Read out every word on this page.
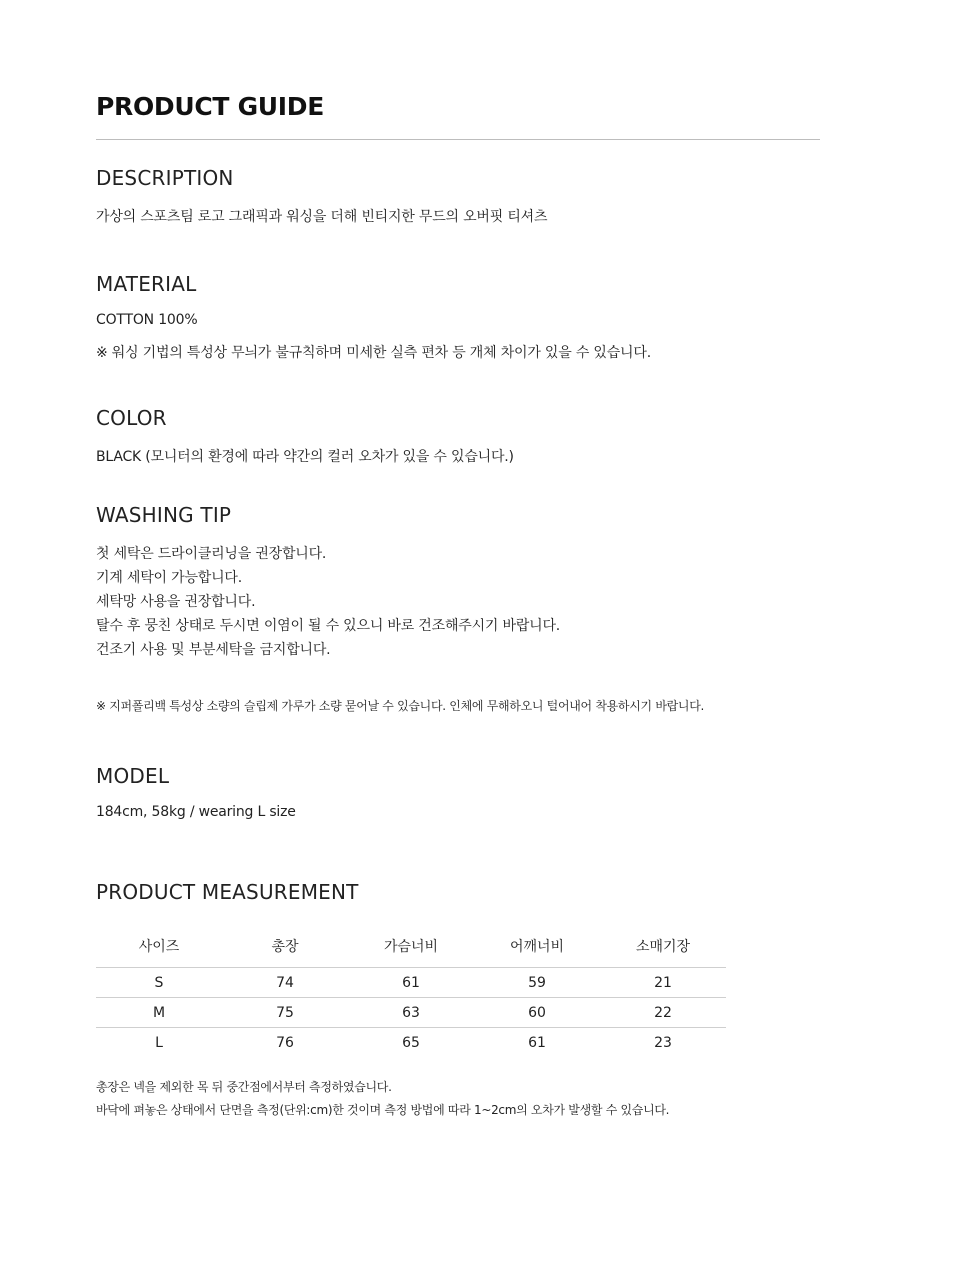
PRODUCT GUIDE
DESCRIPTION

가상의 스포츠팀 로고 그래픽과 워싱을 더해 빈티지한 무드의 오버핏 티셔츠

MATERIAL

COTTON 100%

※ 워싱 기법의 특성상 무늬가 불규칙하며 미세한 실측 편차 등 개체 차이가 있을 수 있습니다.

COLOR

BLACK (모니터의 환경에 따라 약간의 컬러 오차가 있을 수 있습니다.)

WASHING TIP
첫 세탁은 드라이클리닝을 권장합니다.
기계 세탁이 가능합니다.
세탁망 사용을 권장합니다.
탈수 후 뭉친 상태로 두시면 이염이 될 수 있으니 바로 건조해주시기 바랍니다.
건조기 사용 및 부분세탁을 금지합니다.

※ 지퍼폴리백 특성상 소량의 슬립제 가루가 소량 묻어날 수 있습니다. 인체에 무해하오니 털어내어 착용하시기 바랍니다.

MODEL

184cm, 58kg / wearing L size

PRODUCT MEASUREMENT
사이즈	총장	가슴너비	어깨너비	소매기장
S	74	61	59	21
M	75	63	60	22
L	76	65	61	23

총장은 넥을 제외한 목 뒤 중간점에서부터 측정하였습니다.

바닥에 펴놓은 상태에서 단면을 측정(단위:cm)한 것이며 측정 방법에 따라 1~2cm의 오차가 발생할 수 있습니다.
